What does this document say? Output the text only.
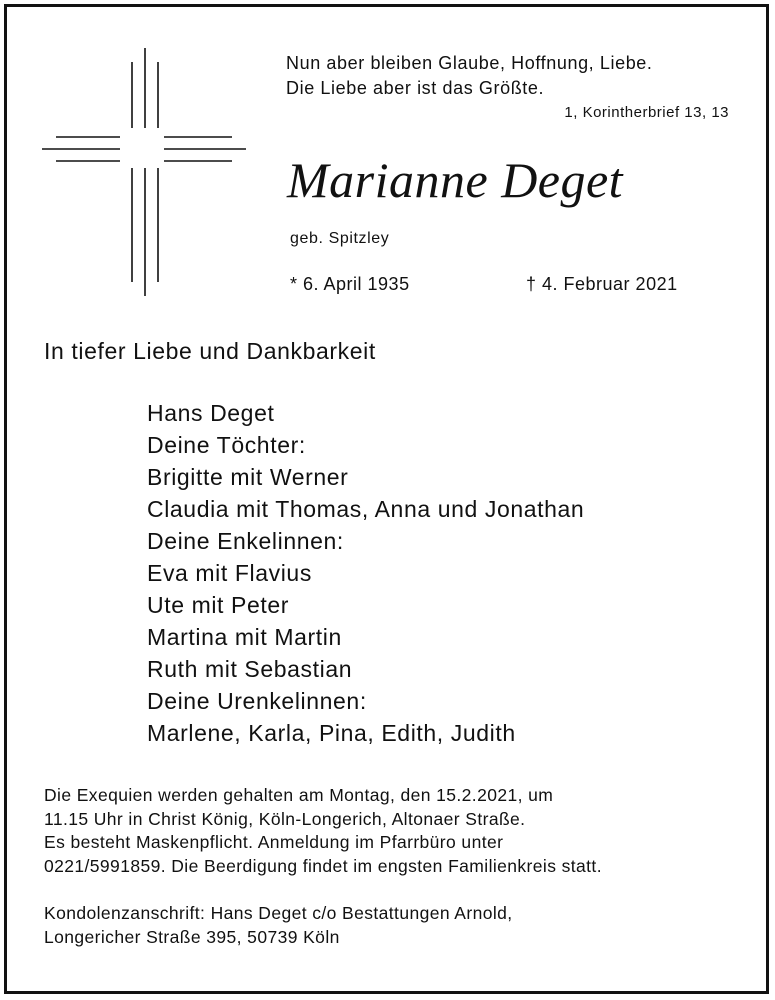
Nun aber bleiben Glaube, Hoffnung, Liebe.
Die Liebe aber ist das Größte.
1, Korintherbrief 13, 13
Marianne Deget
geb. Spitzley
* 6. April 1935	† 4. Februar 2021
In tiefer Liebe und Dankbarkeit
Hans Deget
Deine Töchter:
Brigitte mit Werner
Claudia mit Thomas, Anna und Jonathan
Deine Enkelinnen:
Eva mit Flavius
Ute mit Peter
Martina mit Martin
Ruth mit Sebastian
Deine Urenkelinnen:
Marlene, Karla, Pina, Edith, Judith
Die Exequien werden gehalten am Montag, den 15.2.2021, um
11.15 Uhr in Christ König, Köln-Longerich, Altonaer Straße.
Es besteht Maskenpflicht. Anmeldung im Pfarrbüro unter
0221/5991859. Die Beerdigung findet im engsten Familienkreis statt.
Kondolenzanschrift: Hans Deget c/o Bestattungen Arnold,
Longericher Straße 395, 50739 Köln
